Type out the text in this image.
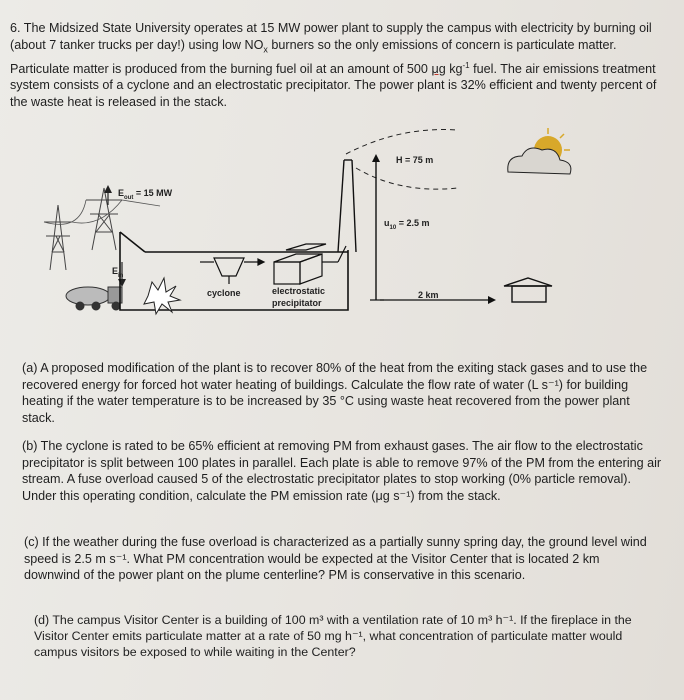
6. The Midsized State University operates at 15 MW power plant to supply the campus with electricity by burning oil (about 7 tanker trucks per day!) using low $NO_x$ burners so the only emissions of concern is particulate matter. Particulate matter is produced from the burning fuel oil at an amount of 500 μg $kg^{-1}$ fuel. The air emissions treatment system consists of a cyclone and an electrostatic precipitator. The power plant is 32% efficient and twenty percent of the waste heat is released in the stack.

$E_{out} = 15$ MW
$E_{in}$
cyclone	electrostatic
precipitator
H = 75 m
$u_{10} = 2.5$ m
2 km

(a) A proposed modification of the plant is to recover 80% of the heat from the exiting stack gases and to use the recovered energy for forced hot water heating of buildings. Calculate the flow rate of water (L s⁻¹) for building heating if the water temperature is to be increased by 35 °C using waste heat recovered from the power plant stack.

(b) The cyclone is rated to be 65% efficient at removing PM from exhaust gases. The air flow to the electrostatic precipitator is split between 100 plates in parallel. Each plate is able to remove 97% of the PM from the entering air stream. A fuse overload caused 5 of the electrostatic precipitator plates to stop working (0% particle removal). Under this operating condition, calculate the PM emission rate (μg s⁻¹) from the stack.

(c) If the weather during the fuse overload is characterized as a partially sunny spring day, the ground level wind speed is 2.5 m s⁻¹. What PM concentration would be expected at the Visitor Center that is located 2 km downwind of the power plant on the plume centerline? PM is conservative in this scenario.

(d) The campus Visitor Center is a building of 100 m³ with a ventilation rate of 10 m³ h⁻¹. If the fireplace in the Visitor Center emits particulate matter at a rate of 50 mg h⁻¹, what concentration of particulate matter would campus visitors be exposed to while waiting in the Center?
